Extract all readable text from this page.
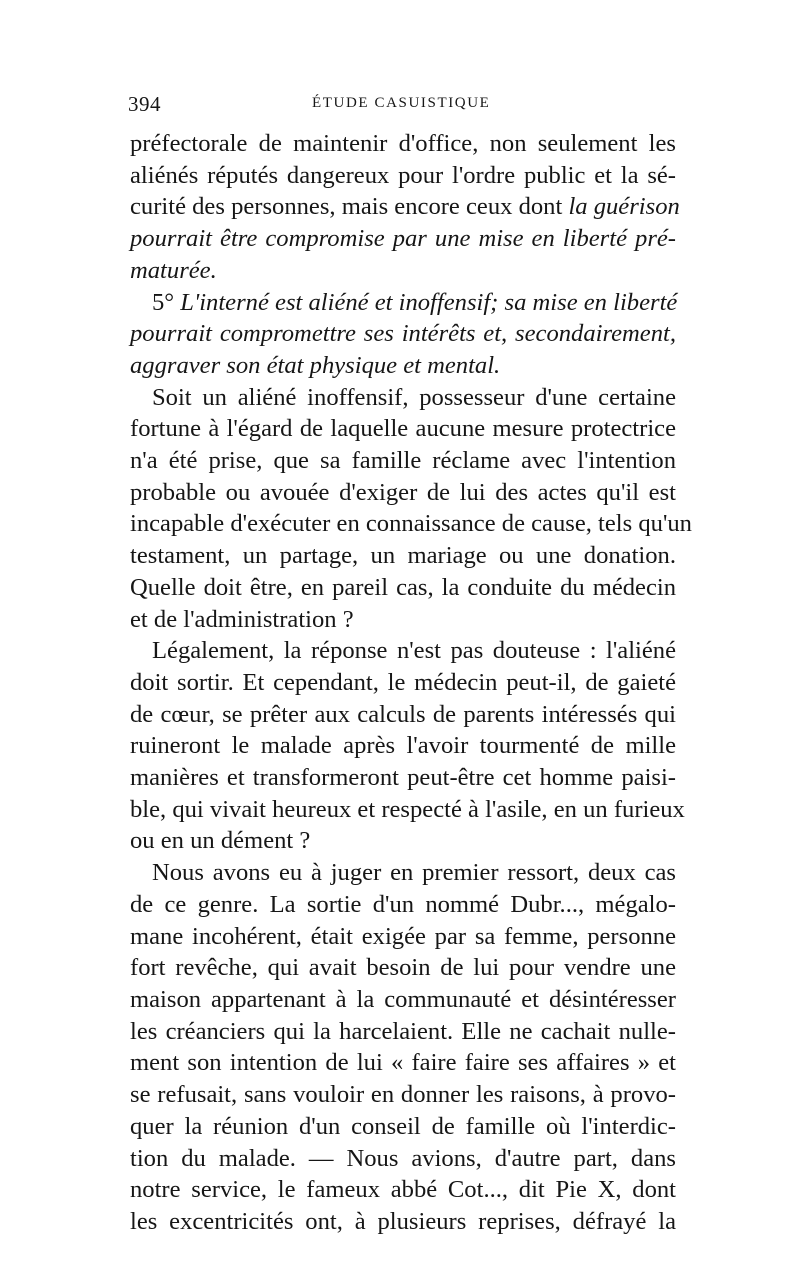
394	ÉTUDE CASUISTIQUE
préfectorale de maintenir d'office, non seulement les
aliénés réputés dangereux pour l'ordre public et la sé-
curité des personnes, mais encore ceux dont la guérison
pourrait être compromise par une mise en liberté pré-
maturée.
5° L'interné est aliéné et inoffensif; sa mise en liberté
pourrait compromettre ses intérêts et, secondairement,
aggraver son état physique et mental.
Soit un aliéné inoffensif, possesseur d'une certaine
fortune à l'égard de laquelle aucune mesure protectrice
n'a été prise, que sa famille réclame avec l'intention
probable ou avouée d'exiger de lui des actes qu'il est
incapable d'exécuter en connaissance de cause, tels qu'un
testament, un partage, un mariage ou une donation.
Quelle doit être, en pareil cas, la conduite du médecin
et de l'administration ?
Légalement, la réponse n'est pas douteuse : l'aliéné
doit sortir. Et cependant, le médecin peut-il, de gaieté
de cœur, se prêter aux calculs de parents intéressés qui
ruineront le malade après l'avoir tourmenté de mille
manières et transformeront peut-être cet homme paisi-
ble, qui vivait heureux et respecté à l'asile, en un furieux
ou en un dément ?
Nous avons eu à juger en premier ressort, deux cas
de ce genre. La sortie d'un nommé Dubr..., mégalo-
mane incohérent, était exigée par sa femme, personne
fort revêche, qui avait besoin de lui pour vendre une
maison appartenant à la communauté et désintéresser
les créanciers qui la harcelaient. Elle ne cachait nulle-
ment son intention de lui « faire faire ses affaires » et
se refusait, sans vouloir en donner les raisons, à provo-
quer la réunion d'un conseil de famille où l'interdic-
tion du malade. — Nous avions, d'autre part, dans
notre service, le fameux abbé Cot..., dit Pie X, dont
les excentricités ont, à plusieurs reprises, défrayé la
